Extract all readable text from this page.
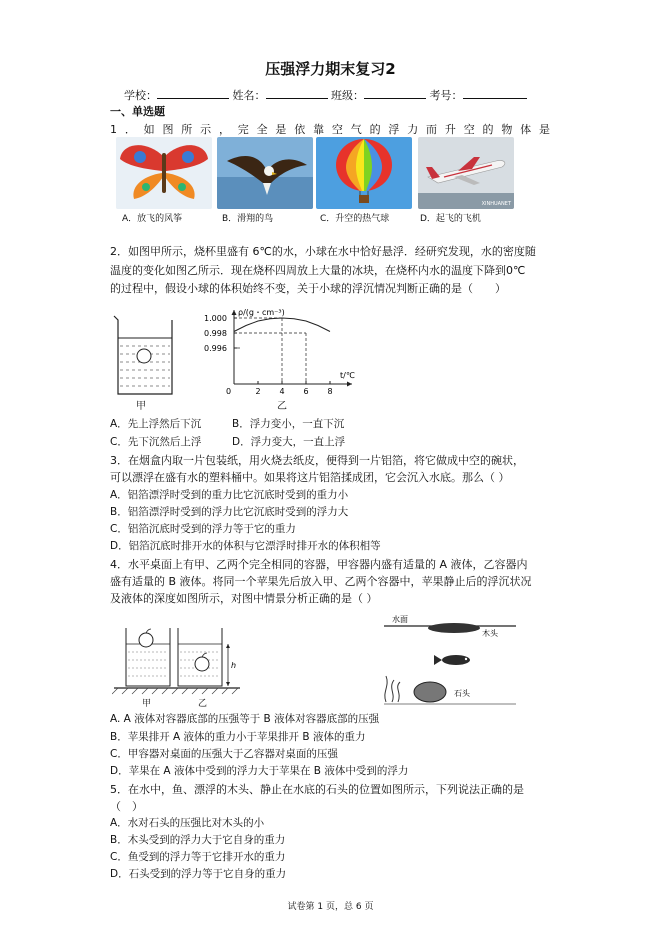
压强浮力期末复习2
学校：	姓名：	班级：	考号：
一、单选题
1．如图所示，完全是依靠空气的浮力而升空的物体是
XINHUANET
A．放飞的风筝	B．滑翔的鸟	C．升空的热气球	D．起飞的飞机
2．如图甲所示，烧杯里盛有 6℃的水，小球在水中恰好悬浮．经研究发现，水的密度随
温度的变化如图乙所示．现在烧杯四周放上大量的冰块，在烧杯内水的温度下降到0℃
的过程中，假设小球的体积始终不变，关于小球的浮沉情况判断正确的是（　　）
甲
ρ/(g・cm⁻³)
t/℃
1.000
0.998
0.996
0	2 4 6 8
乙
A．先上浮然后下沉	B．浮力变小，一直下沉
C．先下沉然后上浮	D．浮力变大，一直上浮
3．在烟盒内取一片包装纸，用火烧去纸皮，便得到一片铝箔，将它做成中空的碗状，
可以漂浮在盛有水的塑料桶中。如果将这片铝箔揉成团，它会沉入水底。那么（ ）
A．铝箔漂浮时受到的重力比它沉底时受到的重力小
B．铝箔漂浮时受到的浮力比它沉底时受到的浮力大
C．铝箔沉底时受到的浮力等于它的重力
D．铝箔沉底时排开水的体积与它漂浮时排开水的体积相等
4．水平桌面上有甲、乙两个完全相同的容器，甲容器内盛有适量的 A 液体，乙容器内
盛有适量的 B 液体。将同一个苹果先后放入甲、乙两个容器中，苹果静止后的浮沉状况
及液体的深度如图所示，对图中情景分析正确的是（ ）
h
甲	乙
水面
木头
石头
A. A 液体对容器底部的压强等于 B 液体对容器底部的压强
B．苹果排开 A 液体的重力小于苹果排开 B 液体的重力
C．甲容器对桌面的压强大于乙容器对桌面的压强
D．苹果在 A 液体中受到的浮力大于苹果在 B 液体中受到的浮力
5．在水中，鱼、漂浮的木头、静止在水底的石头的位置如图所示，下列说法正确的是
（　）
A．水对石头的压强比对木头的小
B．木头受到的浮力大于它自身的重力
C．鱼受到的浮力等于它排开水的重力
D．石头受到的浮力等于它自身的重力
试卷第 1 页，总 6 页
